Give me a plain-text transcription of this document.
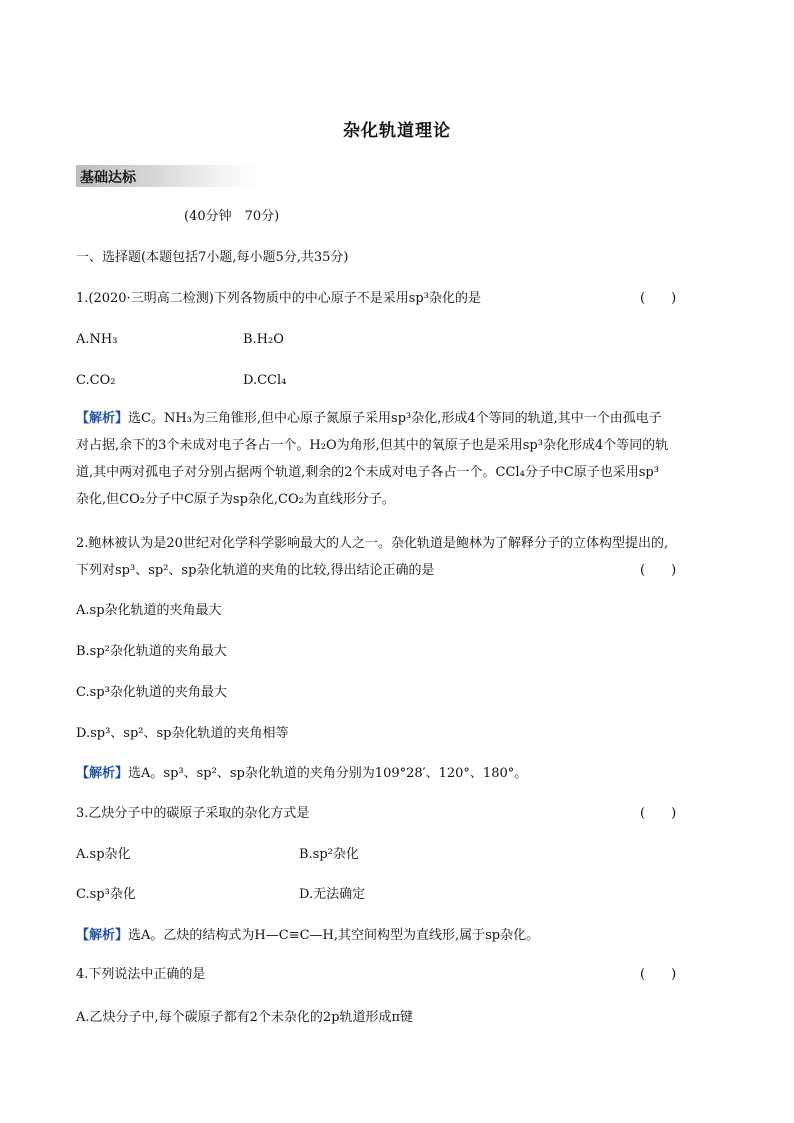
杂化轨道理论
基础达标
(40分钟　70分)
一、选择题(本题包括7小题,每小题5分,共35分)
1.(2020·三明高二检测)下列各物质中的中心原子不是采用sp³杂化的是	(　　)
A.NH₃	B.H₂O
C.CO₂	D.CCl₄
【解析】选C。NH₃为三角锥形,但中心原子氮原子采用sp³杂化,形成4个等同的轨道,其中一个由孤电子
对占据,余下的3个未成对电子各占一个。H₂O为角形,但其中的氧原子也是采用sp³杂化形成4个等同的轨
道,其中两对孤电子对分别占据两个轨道,剩余的2个未成对电子各占一个。CCl₄分子中C原子也采用sp³
杂化,但CO₂分子中C原子为sp杂化,CO₂为直线形分子。
2.鲍林被认为是20世纪对化学科学影响最大的人之一。杂化轨道是鲍林为了解释分子的立体构型提出的,
下列对sp³、sp²、sp杂化轨道的夹角的比较,得出结论正确的是	(　　)
A.sp杂化轨道的夹角最大
B.sp²杂化轨道的夹角最大
C.sp³杂化轨道的夹角最大
D.sp³、sp²、sp杂化轨道的夹角相等
【解析】选A。sp³、sp²、sp杂化轨道的夹角分别为109°28′、120°、180°。
3.乙炔分子中的碳原子采取的杂化方式是	(　　)
A.sp杂化	B.sp²杂化
C.sp³杂化	D.无法确定
【解析】选A。乙炔的结构式为H—C≡C—H,其空间构型为直线形,属于sp杂化。
4.下列说法中正确的是	(　　)
A.乙炔分子中,每个碳原子都有2个未杂化的2p轨道形成π键
